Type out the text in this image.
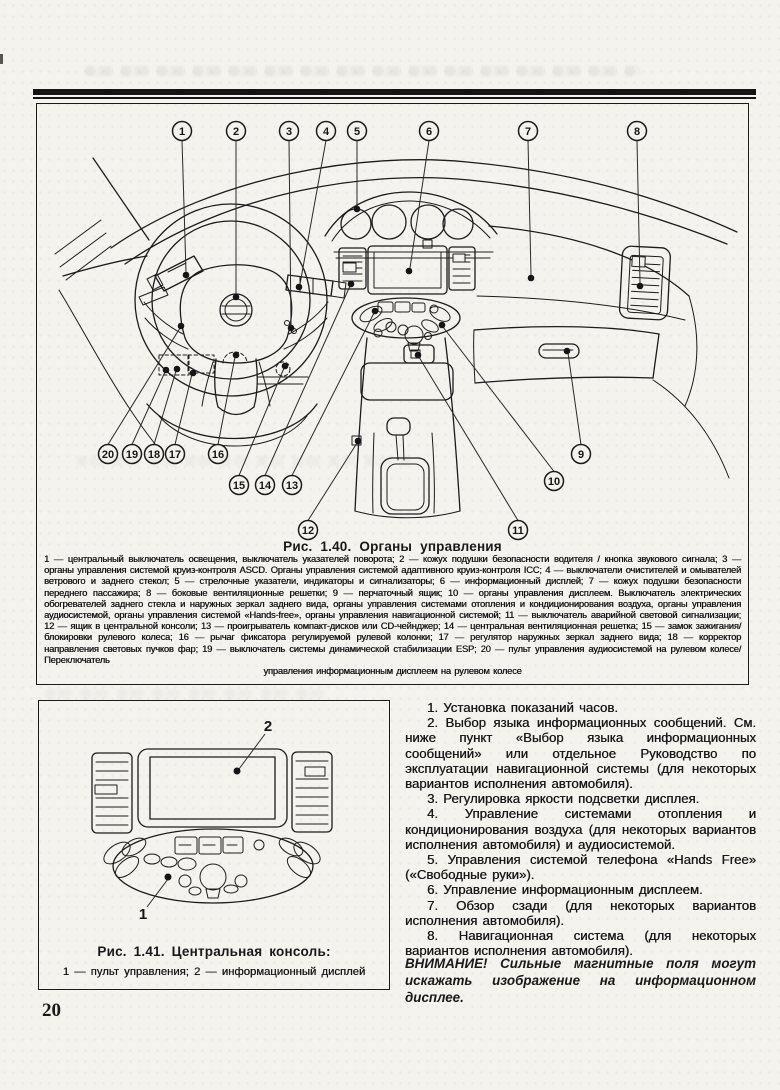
1	2	3	4 5	6	7	8
9
10
11
12
13
14
15
16
17
18
19
20
Рис. 1.40. Органы управления
1 — центральный выключатель освещения, выключатель указателей поворота; 2 — кожух подушки безопасности водителя / кнопка звукового сигнала; 3 — органы управления системой круиз-контроля ASCD. Органы управления системой адаптивного круиз-контроля ICC; 4 — выключатели очистителей и омывателей ветрового и заднего стекол; 5 — стрелочные указатели, индикаторы и сигнализаторы; 6 — информационный дисплей; 7 — кожух подушки безопасности переднего пассажира; 8 — боковые вентиляционные решетки; 9 — перчаточный ящик; 10 — органы управления дисплеем. Выключатель электрических обогревателей заднего стекла и наружных зеркал заднего вида, органы управления системами отопления и кондиционирования воздуха, органы управления аудиосистемой, органы управления системой «Hands-free», органы управления навигационной системой; 11 — выключатель аварийной световой сигнализации; 12 — ящик в центральной консоли; 13 — проигрыватель компакт-дисков или CD-чейнджер; 14 — центральная вентиляционная решетка; 15 — замок зажигания/блокировки рулевого колеса; 16 — рычаг фиксатора регулируемой рулевой колонки; 17 — регулятор наружных зеркал заднего вида; 18 — корректор направления световых пучков фар; 19 — выключатель системы динамической стабилизации ESP; 20 — пульт управления аудиосистемой на рулевом колесе/ Переключатель
управления информационным дисплеем на рулевом колесе
2
1
Рис. 1.41. Центральная консоль:
1 — пульт управления; 2 — информационный дисплей

1. Установка показаний часов.

2. Выбор языка информационных сообщений. См. ниже пункт «Выбор языка информационных сообщений» или отдельное Руководство по эксплуатации навигационной системы (для некоторых вариантов исполнения автомобиля).

3. Регулировка яркости подсветки дисплея.

4. Управление системами отопления и кондиционирования воздуха (для некоторых вариантов исполнения автомобиля) и аудиосистемой.

5. Управления системой телефона «Hands Free» («Свободные руки»).

6. Управление информационным дисплеем.

7. Обзор сзади (для некоторых вариантов исполнения автомобиля).

8. Навигационная система (для некоторых вариантов исполнения автомобиля).

ВНИМАНИЕ! Сильные магнитные поля могут искажать изображение на информационном дисплее.
20
